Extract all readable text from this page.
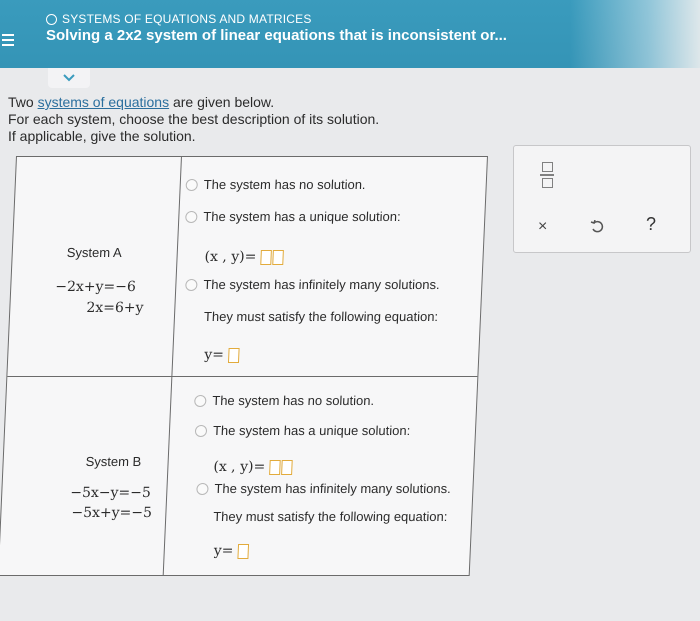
SYSTEMS OF EQUATIONS AND MATRICES
Solving a 2x2 system of linear equations that is inconsistent or...
Two systems of equations are given below.
For each system, choose the best description of its solution.
If applicable, give the solution.
System A
−2x+y=−6
2x=6+y
The system has no solution.
The system has a unique solution:
(x , y)=
The system has infinitely many solutions.
They must satisfy the following equation:
y=
System B
−5x−y=−5
−5x+y=−5
The system has no solution.
The system has a unique solution:
(x , y)=
The system has infinitely many solutions.
They must satisfy the following equation:
y=
×	?
